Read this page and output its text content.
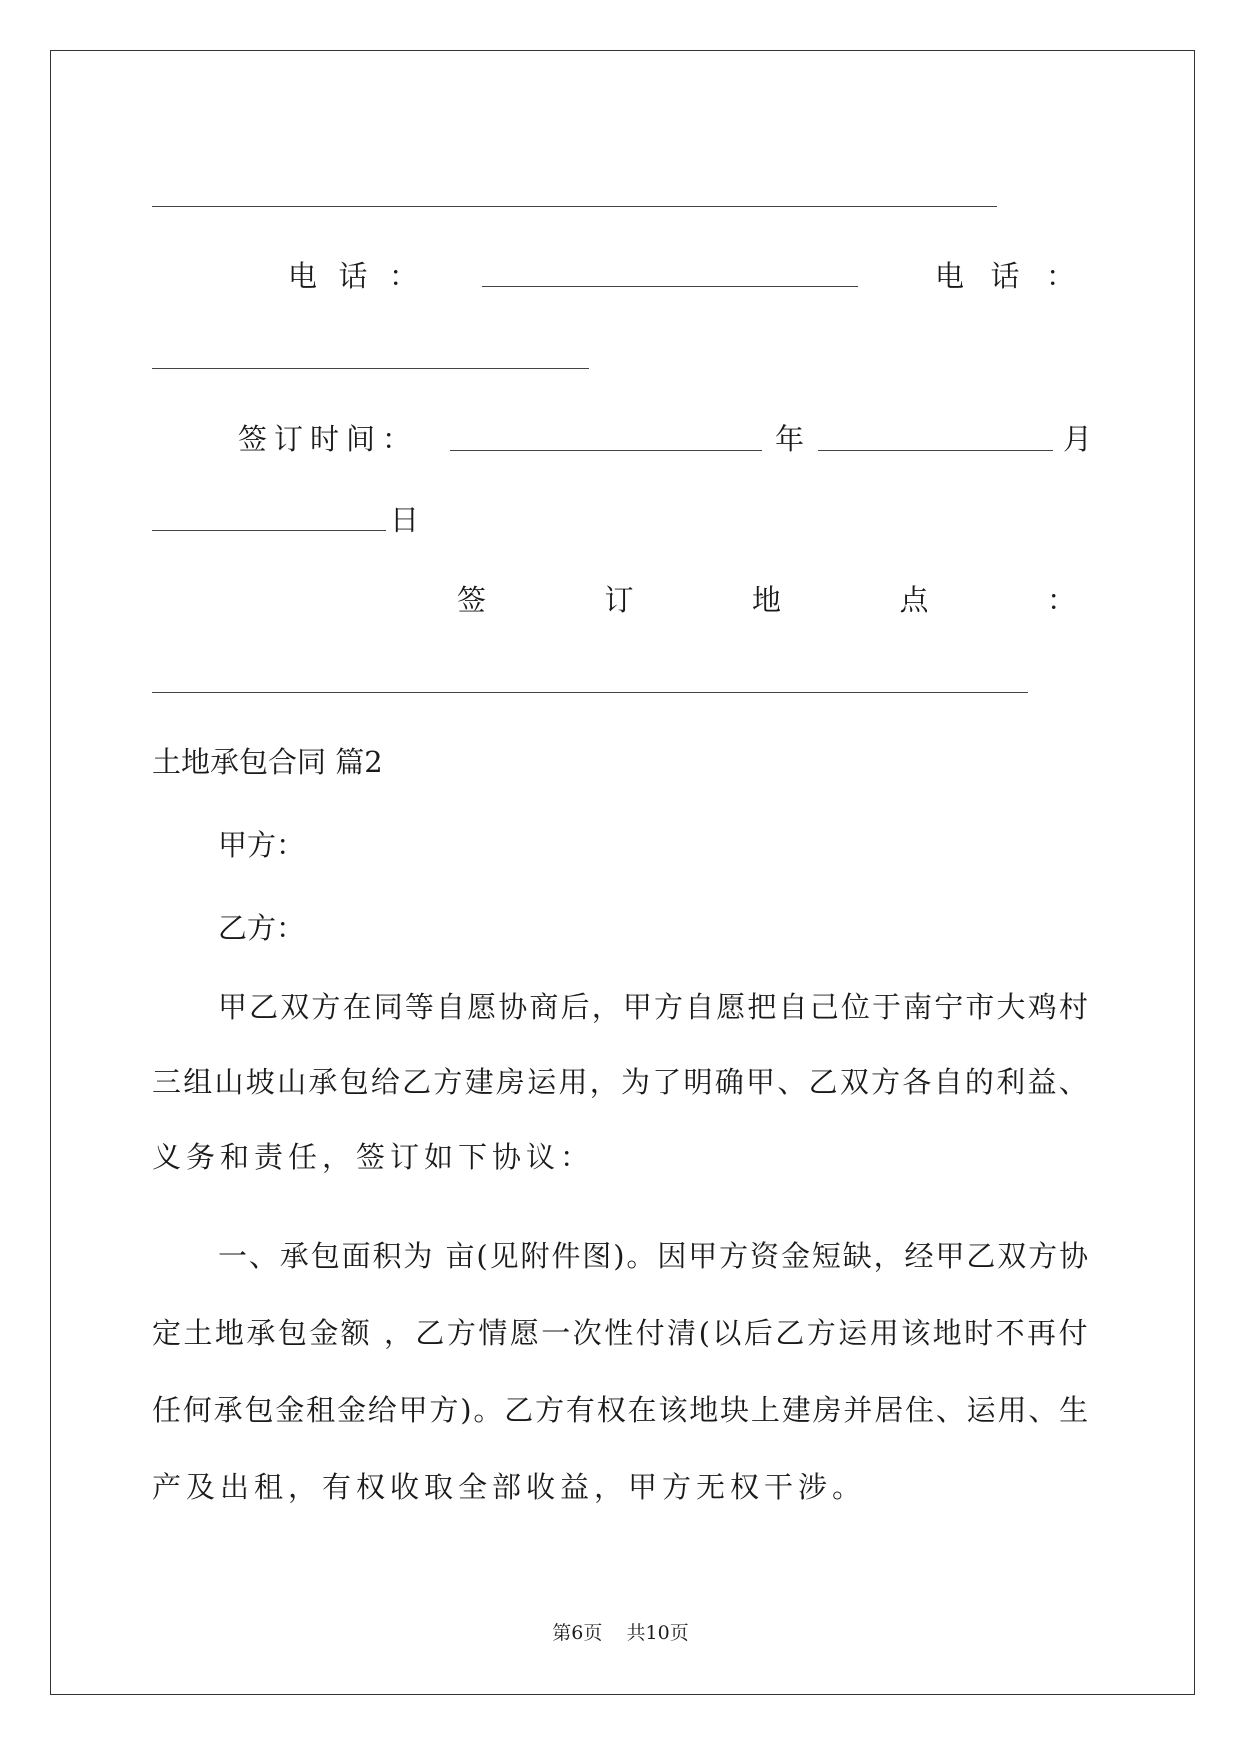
电 话 ：	电 话 ：
签订时间：	年	月
日
签	订	地	点	：
土地承包合同 篇2
甲方：
乙方：
甲乙双方在同等自愿协商后，甲方自愿把自己位于南宁市大鸡村
三组山坡山承包给乙方建房运用，为了明确甲、乙双方各自的利益、
义务和责任，签订如下协议：
一、承包面积为 亩(见附件图)。因甲方资金短缺，经甲乙双方协
定土地承包金额 ，乙方情愿一次性付清(以后乙方运用该地时不再付
任何承包金租金给甲方)。乙方有权在该地块上建房并居住、运用、生
产及出租，有权收取全部收益，甲方无权干涉。
第6页 共10页
